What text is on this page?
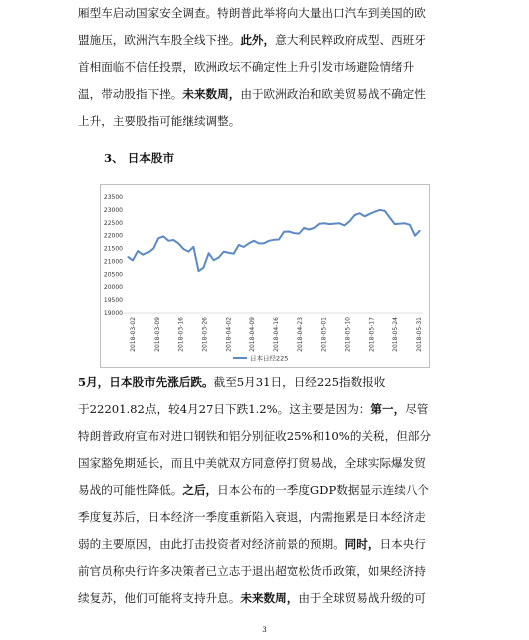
厢型车启动国家安全调查。特朗普此举将向大量出口汽车到美国的欧
盟施压，欧洲汽车股全线下挫。此外，意大利民粹政府成型、西班牙
首相面临不信任投票，欧洲政坛不确定性上升引发市场避险情绪升
温，带动股指下挫。未来数周，由于欧洲政治和欧美贸易战不确定性
上升，主要股指可能继续调整。

3、 日本股市

23500
23000
22500
22000
21500
21000
20500
20000
19500
19000
2018-03-02	2018-03-09	2018-03-16	2018-03-26	2018-04-02	2018-04-09	2018-04-16	2018-04-23	2018-05-01	2018-05-10	2018-05-17	2018-05-24	2018-05-31
日本日经225
5月，日本股市先涨后跌。截至5月31日，日经225指数报收
于22201.82点，较4月27日下跌1.2%。这主要是因为：第一，尽管
特朗普政府宣布对进口钢铁和铝分别征收25%和10%的关税，但部分
国家豁免期延长，而且中美就双方同意停打贸易战，全球实际爆发贸
易战的可能性降低。之后，日本公布的一季度GDP数据显示连续八个
季度复苏后，日本经济一季度重新陷入衰退，内需拖累是日本经济走
弱的主要原因，由此打击投资者对经济前景的预期。同时，日本央行
前官员称央行许多决策者已立志于退出超宽松货币政策，如果经济持
续复苏，他们可能将支持升息。未来数周，由于全球贸易战升级的可

3
